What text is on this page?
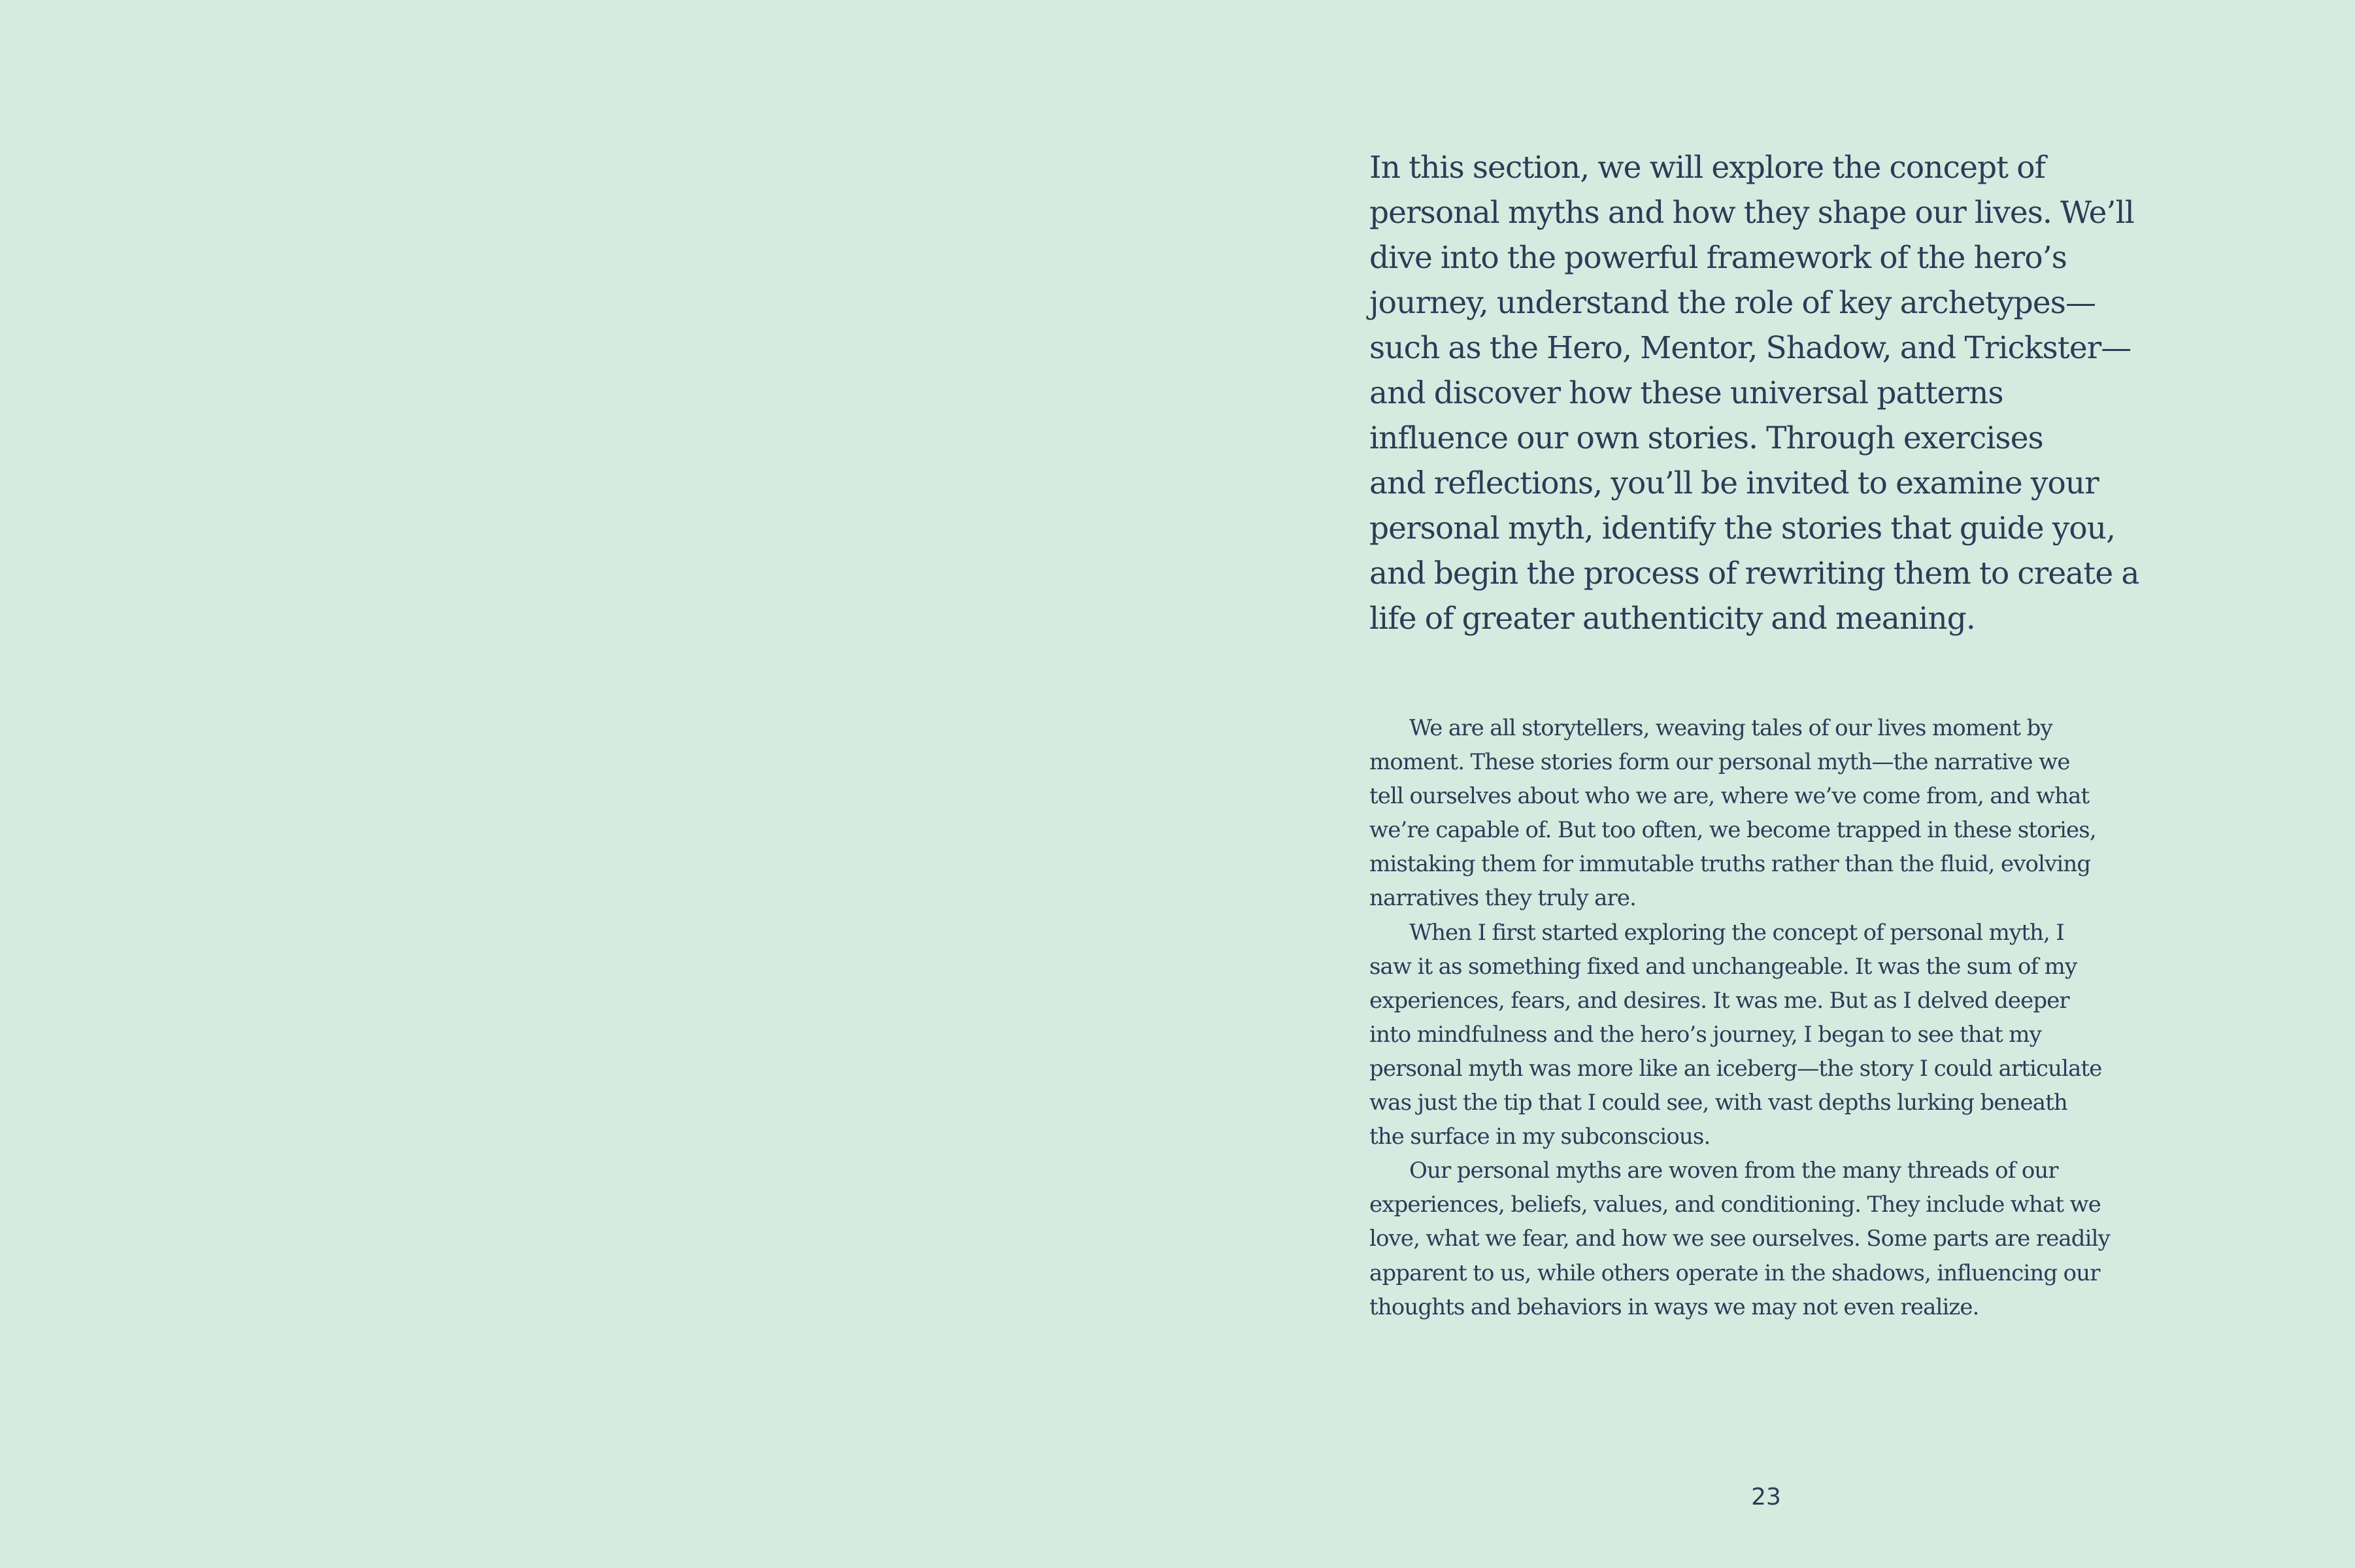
In this section, we will explore the concept of
personal myths and how they shape our lives. We’ll
dive into the powerful framework of the hero’s
journey, understand the role of key archetypes—
such as the Hero, Mentor, Shadow, and Trickster—
and discover how these universal patterns
influence our own stories. Through exercises
and reflections, you’ll be invited to examine your
personal myth, identify the stories that guide you,
and begin the process of rewriting them to create a
life of greater authenticity and meaning.
We are all storytellers, weaving tales of our lives moment by
moment. These stories form our personal myth—the narrative we
tell ourselves about who we are, where we’ve come from, and what
we’re capable of. But too often, we become trapped in these stories,
mistaking them for immutable truths rather than the fluid, evolving
narratives they truly are.
When I first started exploring the concept of personal myth, I
saw it as something fixed and unchangeable. It was the sum of my
experiences, fears, and desires. It was me. But as I delved deeper
into mindfulness and the hero’s journey, I began to see that my
personal myth was more like an iceberg—the story I could articulate
was just the tip that I could see, with vast depths lurking beneath
the surface in my subconscious.
Our personal myths are woven from the many threads of our
experiences, beliefs, values, and conditioning. They include what we
love, what we fear, and how we see ourselves. Some parts are readily
apparent to us, while others operate in the shadows, influencing our
thoughts and behaviors in ways we may not even realize.
23
